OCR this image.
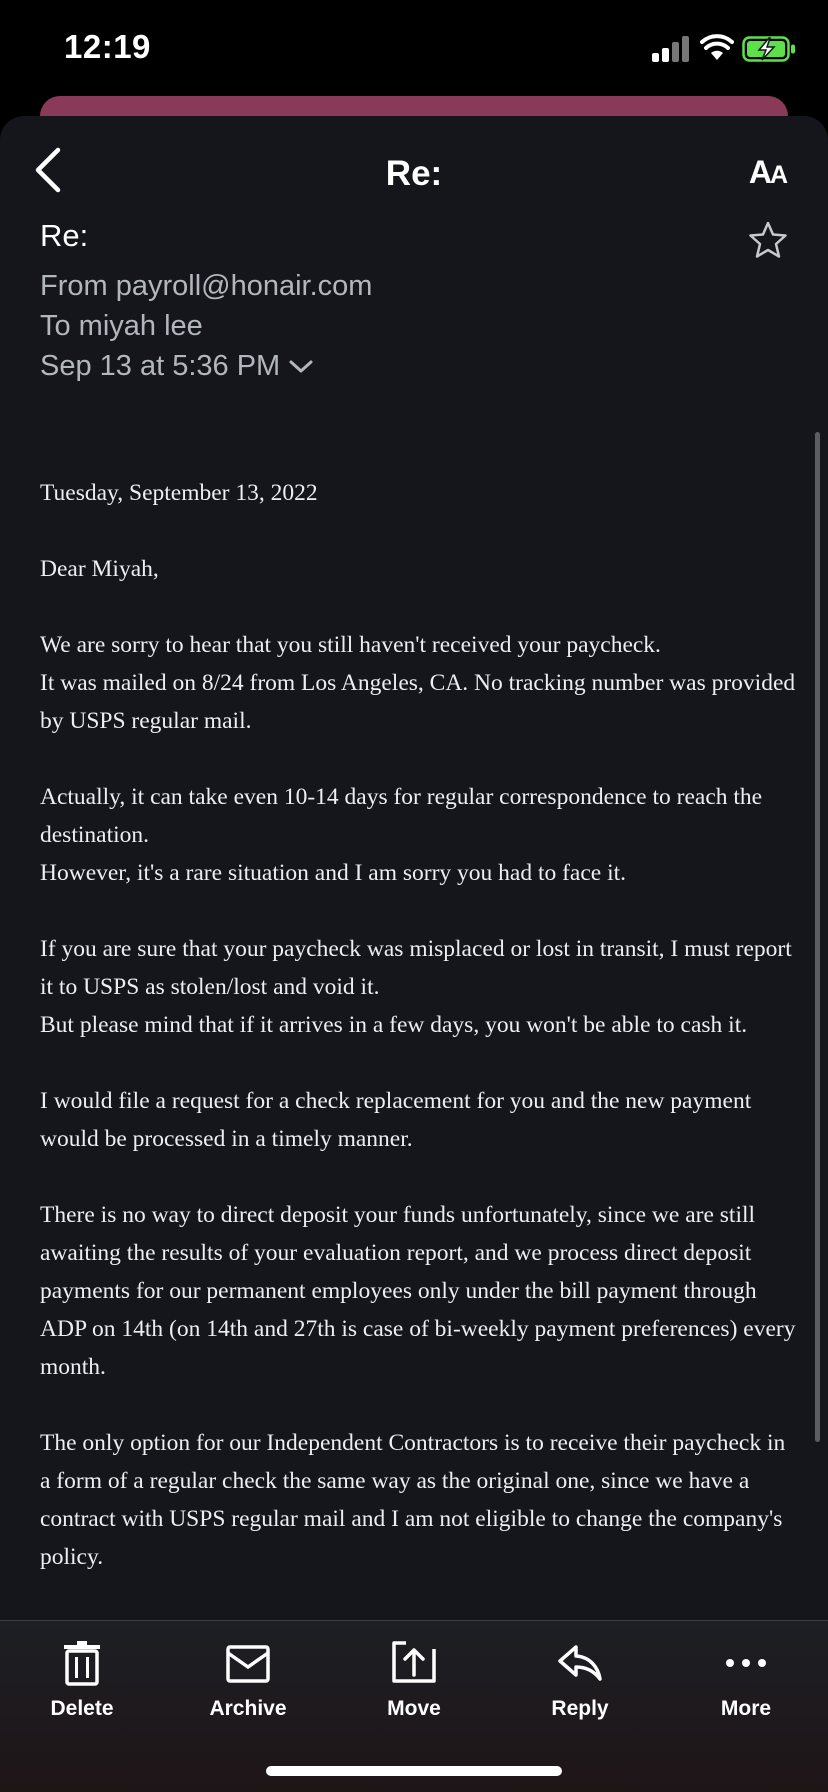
12:19
Re:	AA
Re:
From payroll@honair.com
To miyah lee
Sep 13 at 5:36 PM

Tuesday, September 13, 2022

Dear Miyah,

We are sorry to hear that you still haven't received your paycheck.
It was mailed on 8/24 from Los Angeles, CA. No tracking number was provided by USPS regular mail.

Actually, it can take even 10-14 days for regular correspondence to reach the destination.
However, it's a rare situation and I am sorry you had to face it.

If you are sure that your paycheck was misplaced or lost in transit, I must report it to USPS as stolen/lost and void it.
But please mind that if it arrives in a few days, you won't be able to cash it.

I would file a request for a check replacement for you and the new payment would be processed in a timely manner.

There is no way to direct deposit your funds unfortunately, since we are still awaiting the results of your evaluation report, and we process direct deposit payments for our permanent employees only under the bill payment through ADP on 14th (on 14th and 27th is case of bi-weekly payment preferences) every month.

The only option for our Independent Contractors is to receive their paycheck in a form of a regular check the same way as the original one, since we have a contract with USPS regular mail and I am not eligible to change the company's policy.

Delete	Archive	Move	Reply	More
